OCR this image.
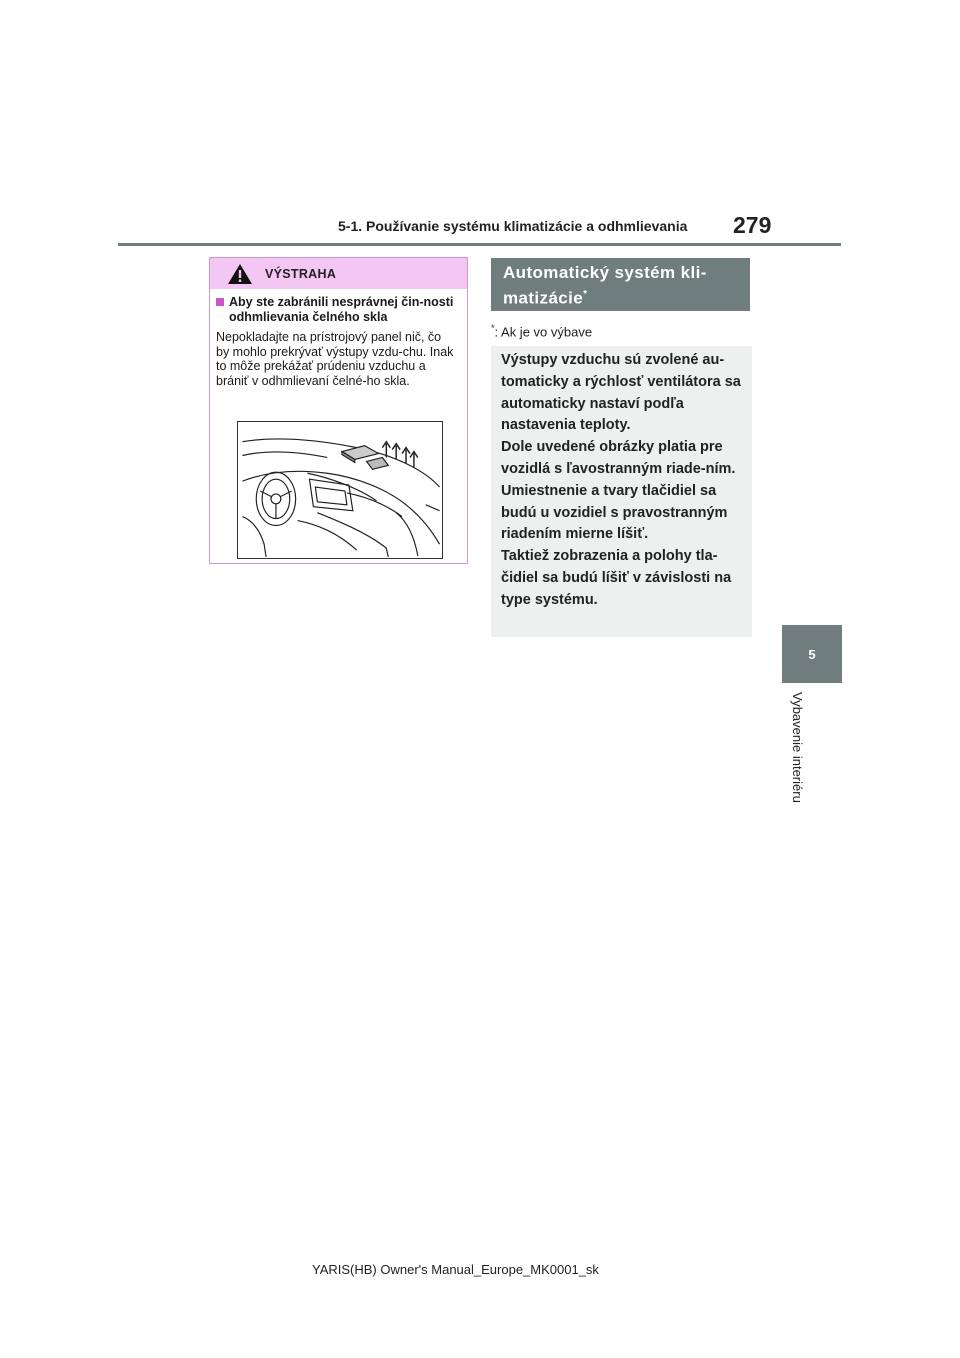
5-1. Používanie systému klimatizácie a odhmlievania 279
5
Vybavenie interiéru
VÝSTRAHA
Aby ste zabránili nesprávnej čin-nosti odhmlievania čelného skla
Nepokladajte na prístrojový panel nič, čo by mohlo prekrývať výstupy vzdu-chu. Inak to môže prekážať prúdeniu vzduchu a brániť v odhmlievaní čelné-ho skla.
Automatický systém kli-matizácie*
*: Ak je vo výbave

Výstupy vzduchu sú zvolené au-tomaticky a rýchlosť ventilátora sa automaticky nastaví podľa nastavenia teploty.

Dole uvedené obrázky platia pre vozidlá s ľavostranným riade-ním.

Umiestnenie a tvary tlačidiel sa budú u vozidiel s pravostranným riadením mierne líšiť.

Taktiež zobrazenia a polohy tla-čidiel sa budú líšiť v závislosti na type systému.

YARIS(HB) Owner's Manual_Europe_MK0001_sk
